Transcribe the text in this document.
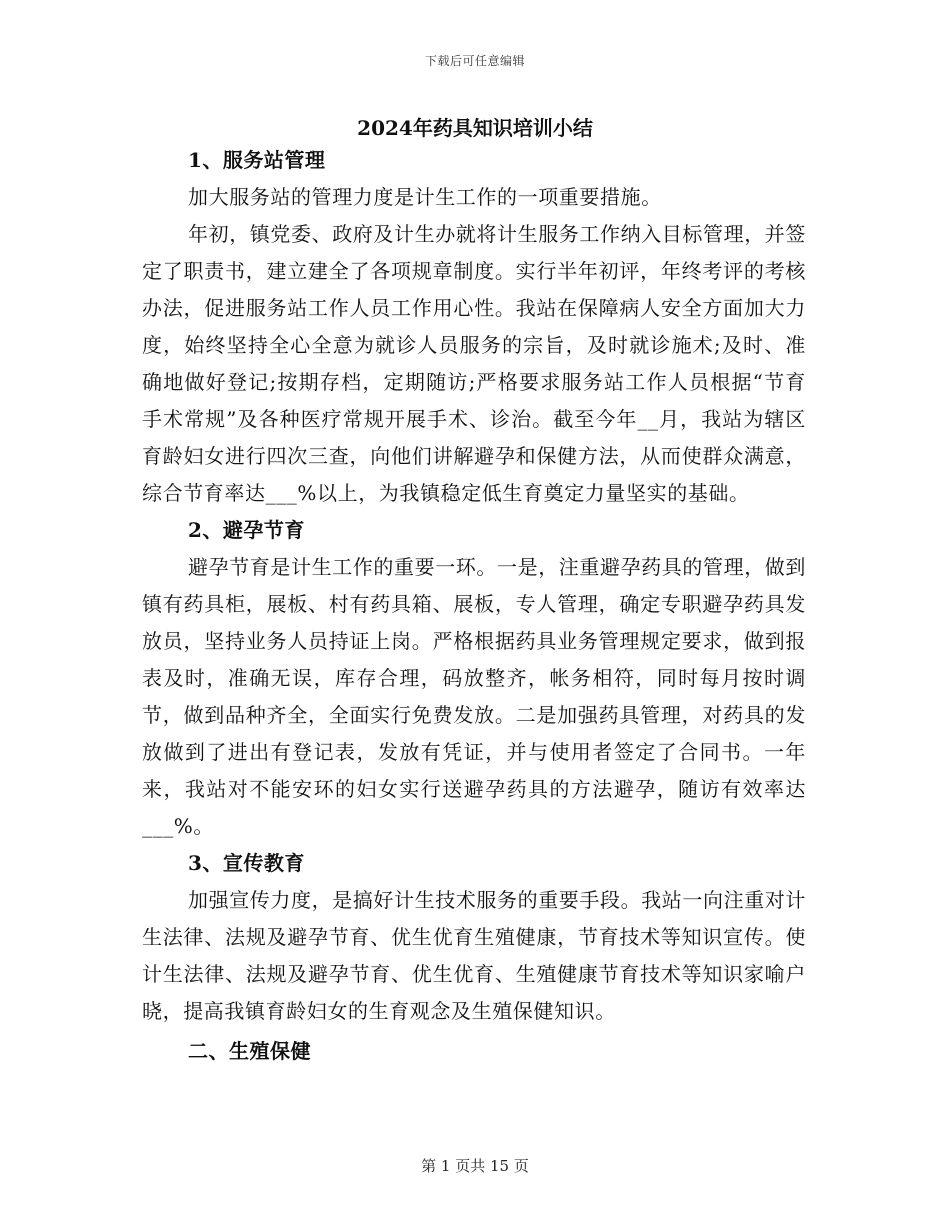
下载后可任意编辑
2024年药具知识培训小结
1、服务站管理

加大服务站的管理力度是计生工作的一项重要措施。

年初，镇党委、政府及计生办就将计生服务工作纳入目标管理，并签定了职责书，建立建全了各项规章制度。实行半年初评，年终考评的考核办法，促进服务站工作人员工作用心性。我站在保障病人安全方面加大力度，始终坚持全心全意为就诊人员服务的宗旨，及时就诊施术;及时、准确地做好登记;按期存档，定期随访;严格要求服务站工作人员根据“节育手术常规”及各种医疗常规开展手术、诊治。截至今年__月，我站为辖区育龄妇女进行四次三查，向他们讲解避孕和保健方法，从而使群众满意，综合节育率达___%以上，为我镇稳定低生育奠定力量坚实的基础。

2、避孕节育

避孕节育是计生工作的重要一环。一是，注重避孕药具的管理，做到镇有药具柜，展板、村有药具箱、展板，专人管理，确定专职避孕药具发放员，坚持业务人员持证上岗。严格根据药具业务管理规定要求，做到报表及时，准确无误，库存合理，码放整齐，帐务相符，同时每月按时调节，做到品种齐全，全面实行免费发放。二是加强药具管理，对药具的发放做到了进出有登记表，发放有凭证，并与使用者签定了合同书。一年来，我站对不能安环的妇女实行送避孕药具的方法避孕，随访有效率达___%。

3、宣传教育

加强宣传力度，是搞好计生技术服务的重要手段。我站一向注重对计生法律、法规及避孕节育、优生优育生殖健康，节育技术等知识宣传。使计生法律、法规及避孕节育、优生优育、生殖健康节育技术等知识家喻户晓，提高我镇育龄妇女的生育观念及生殖保健知识。

二、生殖保健
第 1 页共 15 页
